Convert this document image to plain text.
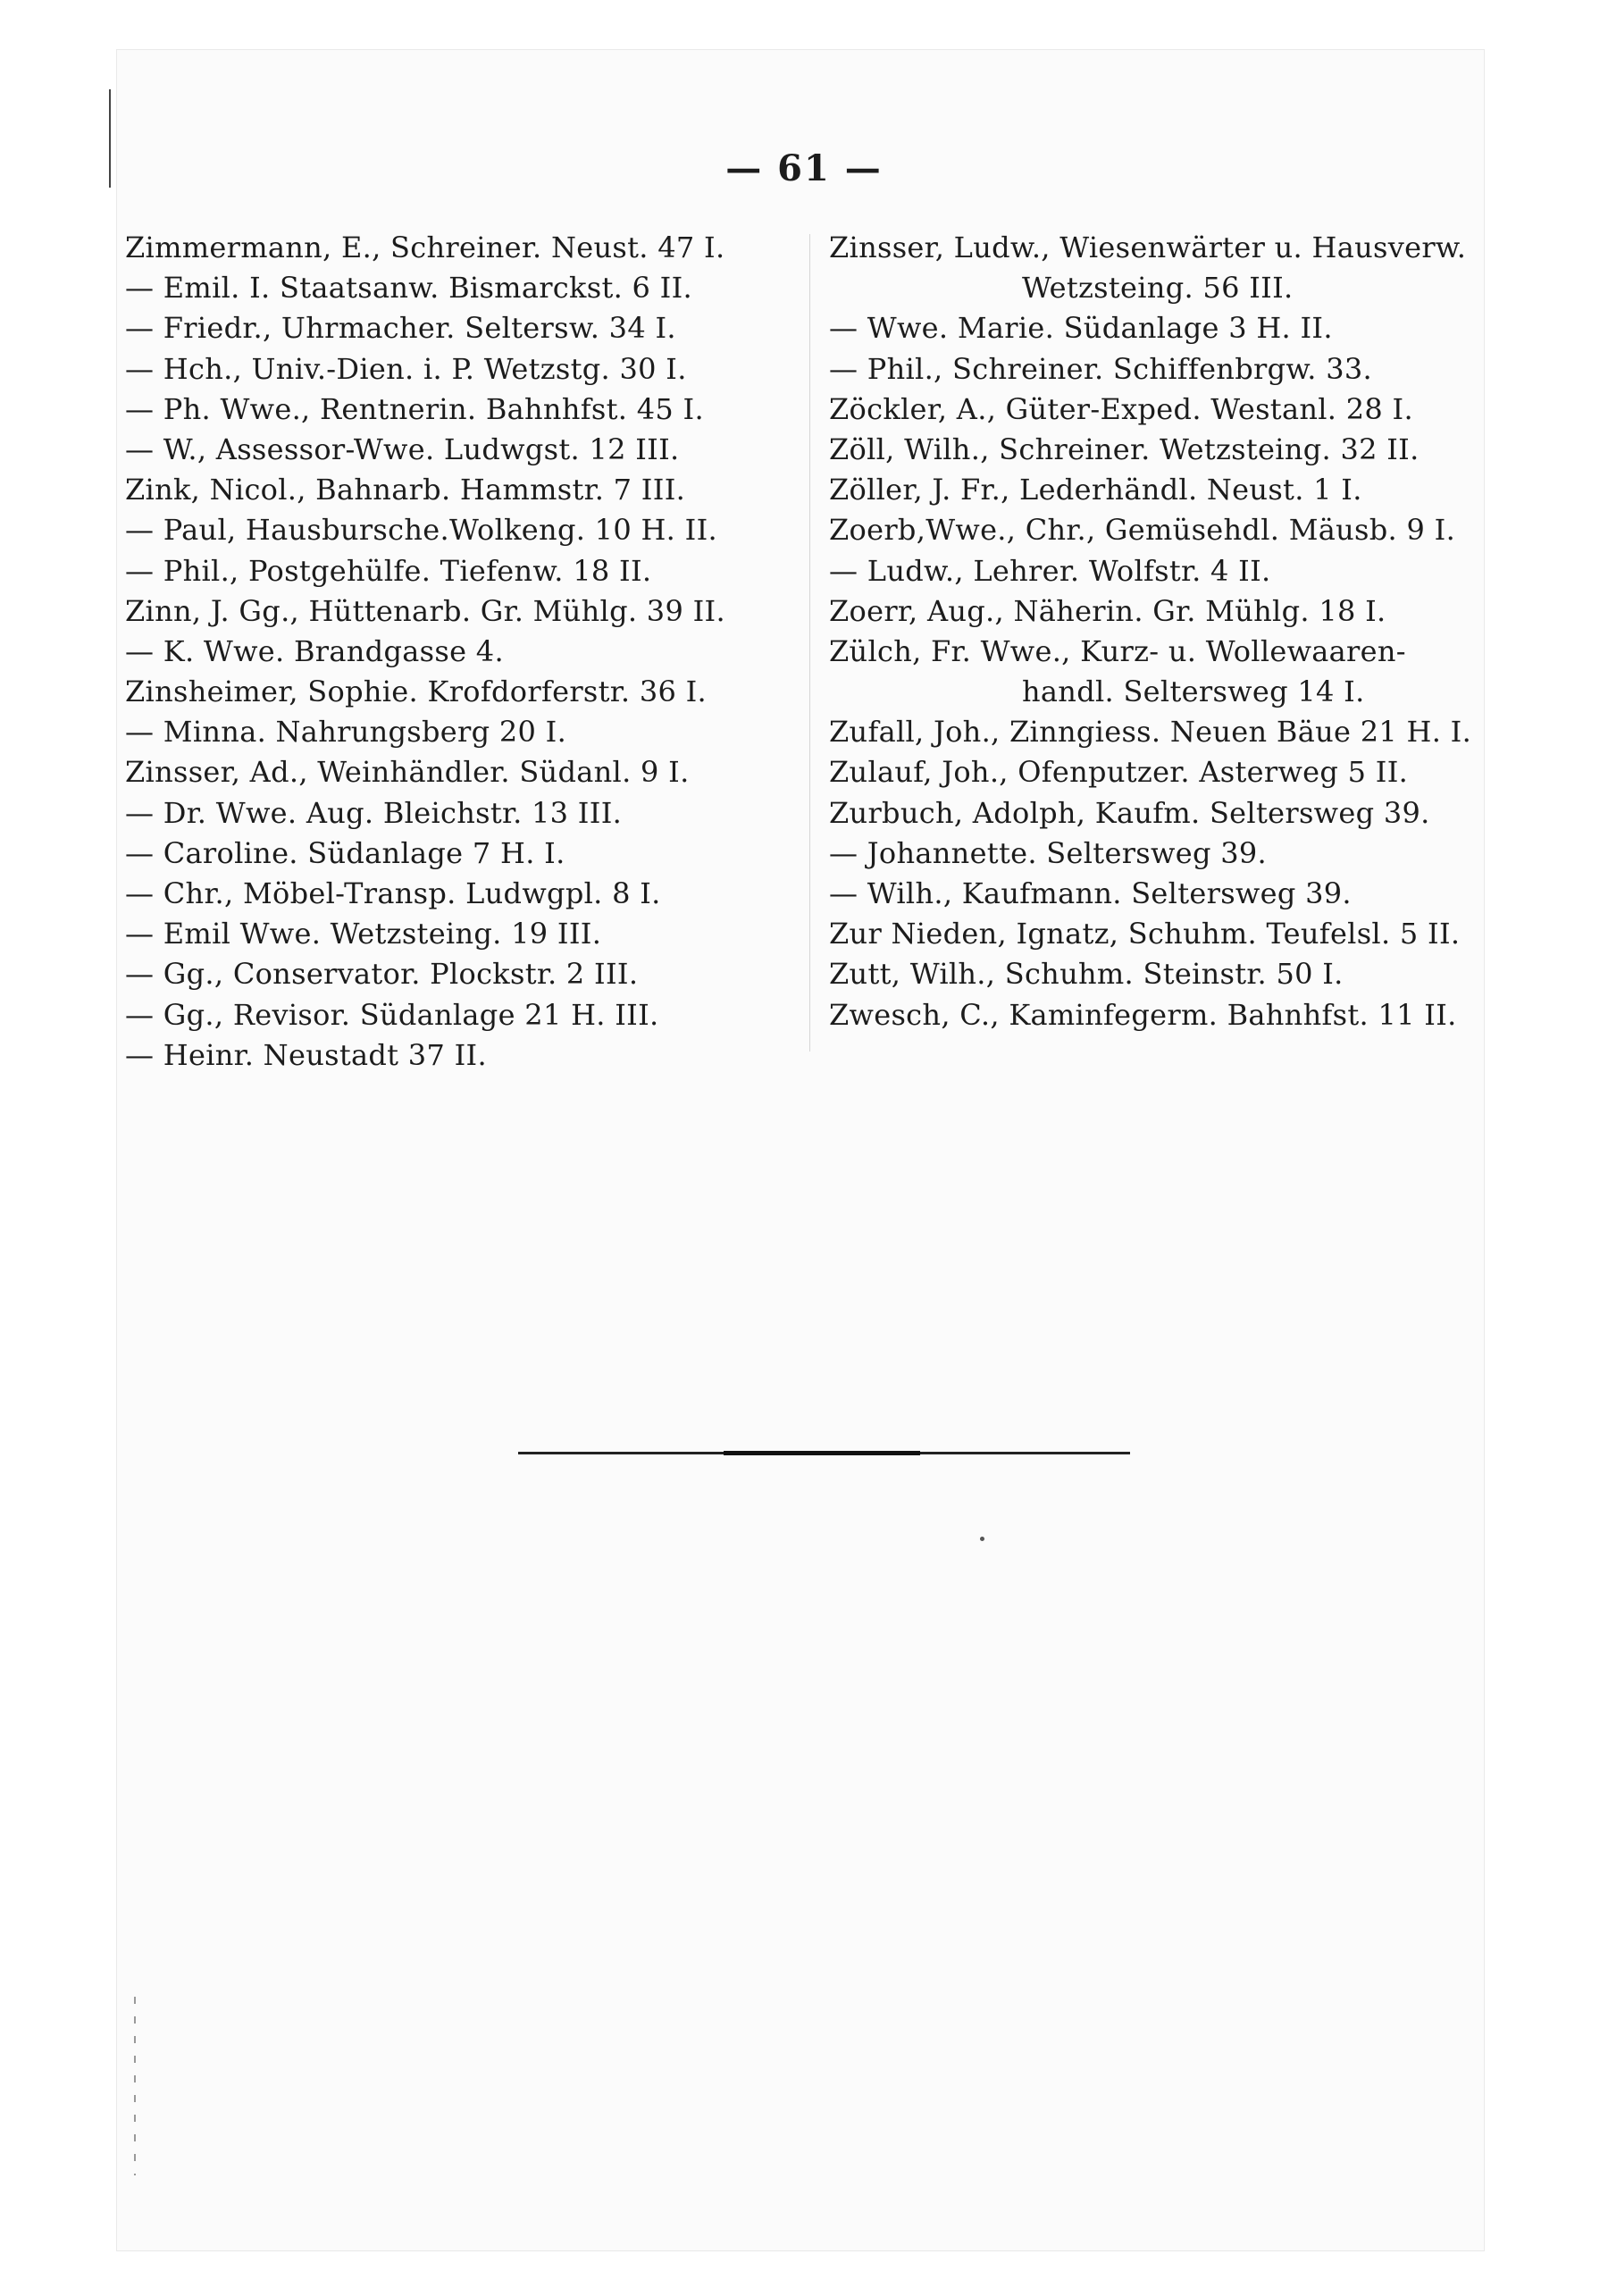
— 61 —
Zimmermann, E., Schreiner. Neust. 47 I.
— Emil. I. Staatsanw. Bismarckst. 6 II.
— Friedr., Uhrmacher. Seltersw. 34 I.
— Hch., Univ.-Dien. i. P. Wetzstg. 30 I.
— Ph. Wwe., Rentnerin. Bahnhfst. 45 I.
— W., Assessor-Wwe. Ludwgst. 12 III.
Zink, Nicol., Bahnarb. Hammstr. 7 III.
— Paul, Hausbursche.Wolkeng. 10 H. II.
— Phil., Postgehülfe. Tiefenw. 18 II.
Zinn, J. Gg., Hüttenarb. Gr. Mühlg. 39 II.
— K. Wwe. Brandgasse 4.
Zinsheimer, Sophie. Krofdorferstr. 36 I.
— Minna. Nahrungsberg 20 I.
Zinsser, Ad., Weinhändler. Südanl. 9 I.
— Dr. Wwe. Aug. Bleichstr. 13 III.
— Caroline. Südanlage 7 H. I.
— Chr., Möbel-Transp. Ludwgpl. 8 I.
— Emil Wwe. Wetzsteing. 19 III.
— Gg., Conservator. Plockstr. 2 III.
— Gg., Revisor. Südanlage 21 H. III.
— Heinr. Neustadt 37 II.
Zinsser, Ludw., Wiesenwärter u. Hausverw.
Wetzsteing. 56 III.
— Wwe. Marie. Südanlage 3 H. II.
— Phil., Schreiner. Schiffenbrgw. 33.
Zöckler, A., Güter-Exped. Westanl. 28 I.
Zöll, Wilh., Schreiner. Wetzsteing. 32 II.
Zöller, J. Fr., Lederhändl. Neust. 1 I.
Zoerb,Wwe., Chr., Gemüsehdl. Mäusb. 9 I.
— Ludw., Lehrer. Wolfstr. 4 II.
Zoerr, Aug., Näherin. Gr. Mühlg. 18 I.
Zülch, Fr. Wwe., Kurz- u. Wollewaaren-
handl. Seltersweg 14 I.
Zufall, Joh., Zinngiess. Neuen Bäue 21 H. I.
Zulauf, Joh., Ofenputzer. Asterweg 5 II.
Zurbuch, Adolph, Kaufm. Seltersweg 39.
— Johannette. Seltersweg 39.
— Wilh., Kaufmann. Seltersweg 39.
Zur Nieden, Ignatz, Schuhm. Teufelsl. 5 II.
Zutt, Wilh., Schuhm. Steinstr. 50 I.
Zwesch, C., Kaminfegerm. Bahnhfst. 11 II.
